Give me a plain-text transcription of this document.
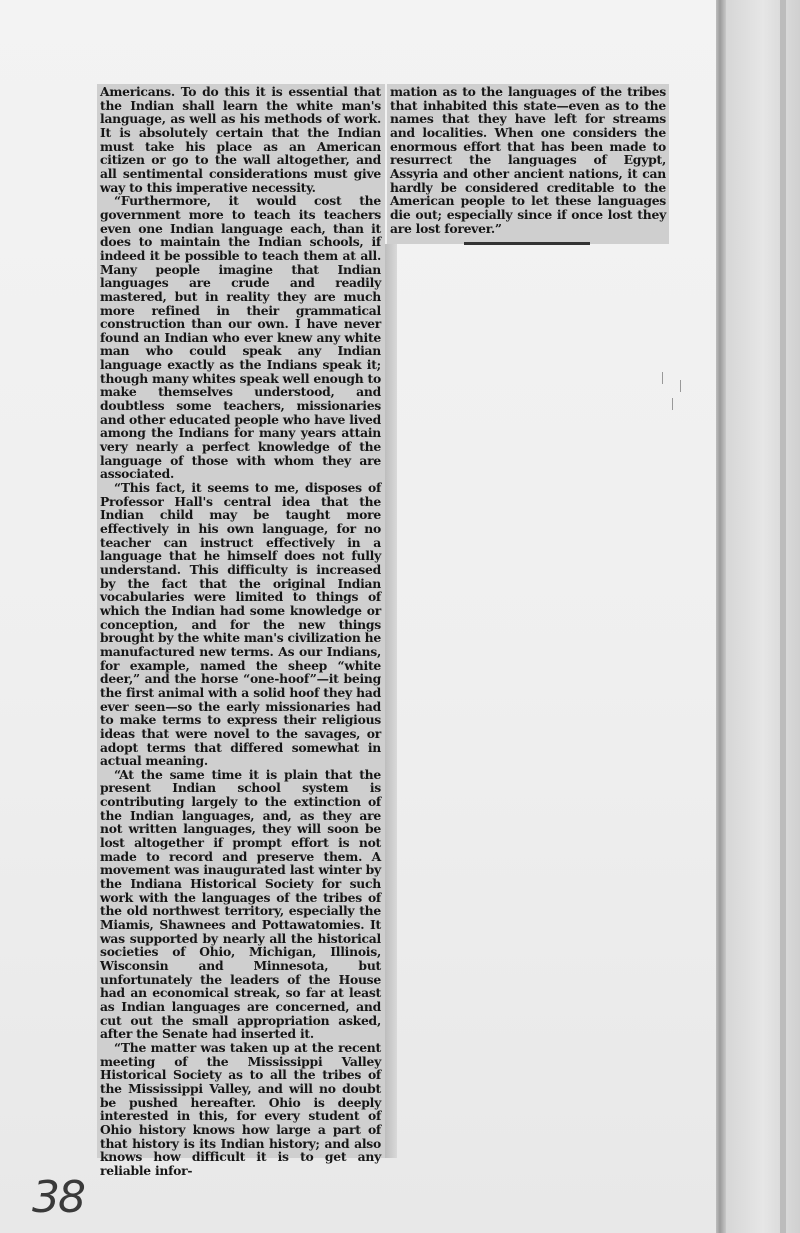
Americans. To do this it is essential that the Indian shall learn the white man's language, as well as his methods of work. It is absolutely certain that the Indian must take his place as an American citizen or go to the wall altogether, and all sentimental considerations must give way to this imperative necessity.

“Furthermore, it would cost the government more to teach its teachers even one Indian language each, than it does to maintain the Indian schools, if indeed it be possible to teach them at all. Many people imagine that Indian languages are crude and readily mastered, but in reality they are much more refined in their grammatical construction than our own. I have never found an Indian who ever knew any white man who could speak any Indian language exactly as the Indians speak it; though many whites speak well enough to make themselves understood, and doubtless some teachers, missionaries and other educated people who have lived among the Indians for many years attain very nearly a perfect knowledge of the language of those with whom they are associated.

“This fact, it seems to me, disposes of Professor Hall's central idea that the Indian child may be taught more effectively in his own language, for no teacher can instruct effectively in a language that he himself does not fully understand. This difficulty is increased by the fact that the original Indian vocabularies were limited to things of which the Indian had some knowledge or conception, and for the new things brought by the white man's civilization he manufactured new terms. As our Indians, for example, named the sheep “white deer,” and the horse “one-hoof”—it being the first animal with a solid hoof they had ever seen—so the early missionaries had to make terms to express their religious ideas that were novel to the savages, or adopt terms that differed somewhat in actual meaning.

“At the same time it is plain that the present Indian school system is contributing largely to the extinction of the Indian languages, and, as they are not written languages, they will soon be lost altogether if prompt effort is not made to record and preserve them. A movement was inaugurated last winter by the Indiana Historical Society for such work with the languages of the tribes of the old northwest territory, especially the Miamis, Shawnees and Pottawatomies. It was supported by nearly all the historical societies of Ohio, Michigan, Illinois, Wisconsin and Minnesota, but unfortunately the leaders of the House had an economical streak, so far at least as Indian languages are concerned, and cut out the small appropriation asked, after the Senate had inserted it.

“The matter was taken up at the recent meeting of the Mississippi Valley Historical Society as to all the tribes of the Mississippi Valley, and will no doubt be pushed hereafter. Ohio is deeply interested in this, for every student of Ohio history knows how large a part of that history is its Indian history; and also knows how difficult it is to get any reliable infor-

mation as to the languages of the tribes that inhabited this state—even as to the names that they have left for streams and localities. When one considers the enormous effort that has been made to resurrect the languages of Egypt, Assyria and other ancient nations, it can hardly be considered creditable to the American people to let these languages die out; especially since if once lost they are lost forever.”

38
